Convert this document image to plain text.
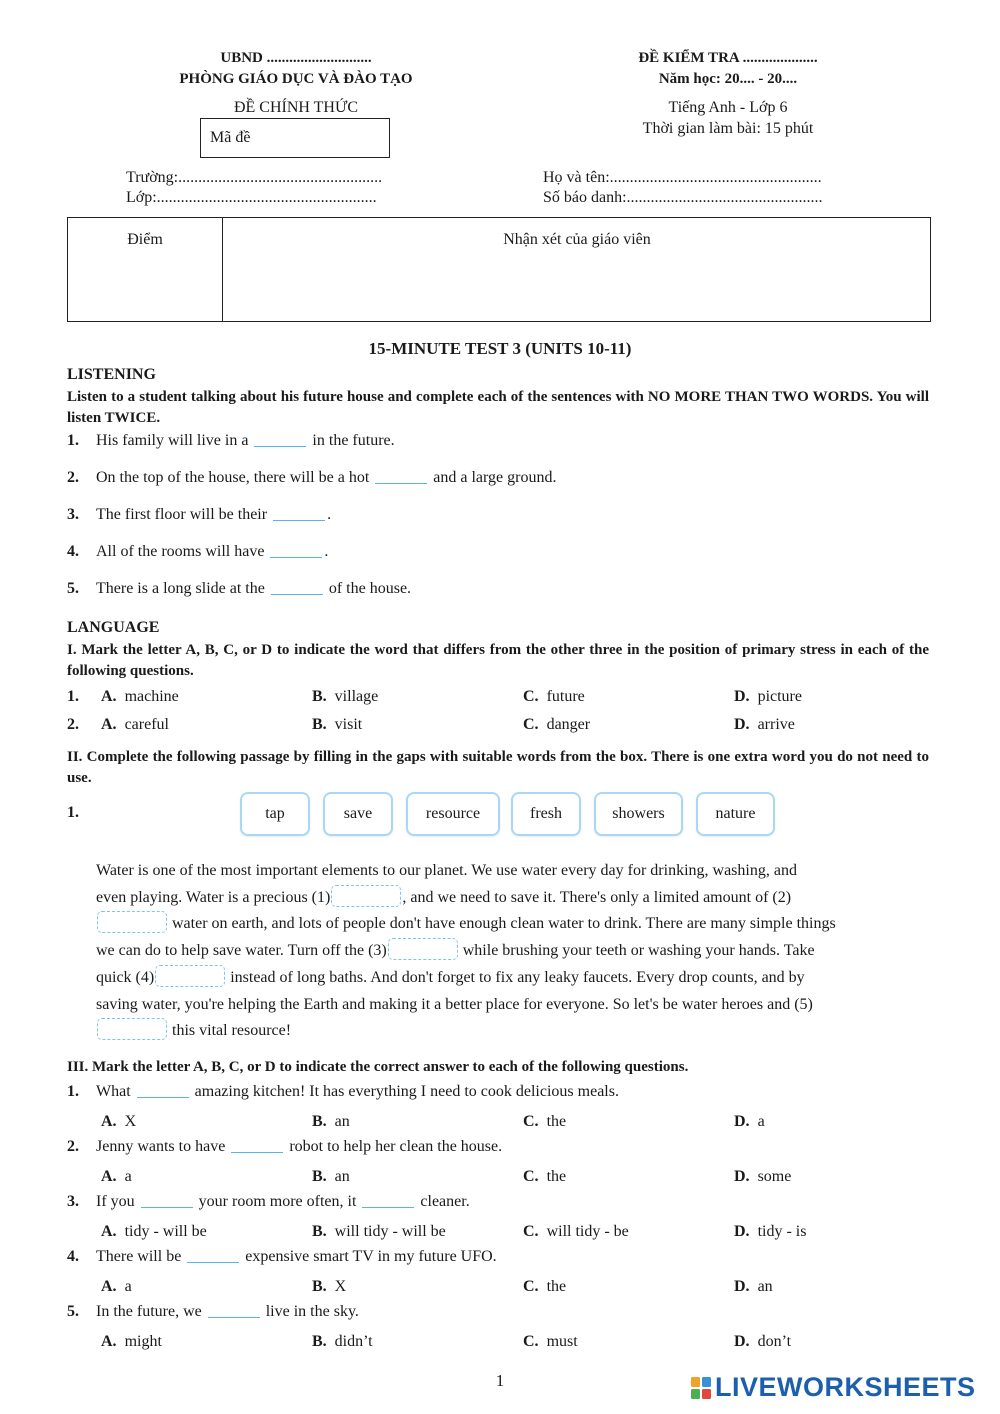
UBND ............................
PHÒNG GIÁO DỤC VÀ ĐÀO TẠO
ĐỀ CHÍNH THỨC
Mã đề
ĐỀ KIỂM TRA ....................
Năm học: 20.... - 20....
Tiếng Anh - Lớp 6
Thời gian làm bài: 15 phút
Trường:...................................................
Lớp:.......................................................
Họ và tên:.....................................................
Số báo danh:.................................................
Điểm	Nhận xét của giáo viên
15-MINUTE TEST 3 (UNITS 10-11)
LISTENING
Listen to a student talking about his future house and complete each of the sentences with NO MORE THAN TWO WORDS. You will listen TWICE.
1. His family will live in a	in the future.
2. On the top of the house, there will be a hot	and a large ground.
3. The first floor will be their	.
4. All of the rooms will have	.
5. There is a long slide at the	of the house.
LANGUAGE
I. Mark the letter A, B, C, or D to indicate the word that differs from the other three in the position of primary stress in each of the following questions.
1. A. machine	B. village	C. future	D. picture
2. A. careful	B. visit	C. danger	D. arrive
II. Complete the following passage by filling in the gaps with suitable words from the box. There is one extra word you do not need to use.
1.	tap	save	resource	fresh	showers	nature
Water is one of the most important elements to our planet. We use water every day for drinking, washing, and
even playing. Water is a precious (1)	, and we need to save it. There's only a limited amount of (2)
water on earth, and lots of people don't have enough clean water to drink. There are many simple things
we can do to help save water. Turn off the (3)	while brushing your teeth or washing your hands. Take
quick (4)	instead of long baths. And don't forget to fix any leaky faucets. Every drop counts, and by
saving water, you're helping the Earth and making it a better place for everyone. So let's be water heroes and (5)
this vital resource!
III. Mark the letter A, B, C, or D to indicate the correct answer to each of the following questions.
1. What	amazing kitchen! It has everything I need to cook delicious meals.
A. X	B. an	C. the	D. a
2. Jenny wants to have	robot to help her clean the house.
A. a	B. an	C. the	D. some
3. If you	your room more often, it	cleaner.
A. tidy - will be	B. will tidy - will be	C. will tidy - be	D. tidy - is
4. There will be	expensive smart TV in my future UFO.
A. a	B. X	C. the	D. an
5. In the future, we	live in the sky.
A. might	B. didn’t	C. must	D. don’t
1	LIVEWORKSHEETS
